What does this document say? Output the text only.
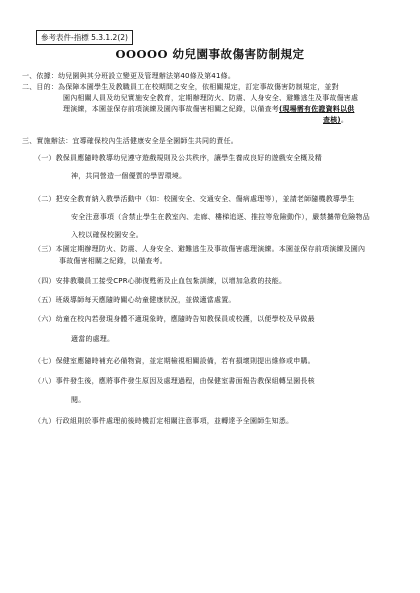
參考表件-指標 5.3.1.2(2)
OOOOO 幼兒園事故傷害防制規定
一、依據：幼兒園與其分班設立變更及管理辦法第40條及第41條。
二、目的：為保障本園學生及教職員工在校期間之安全，依相關規定，訂定事故傷害防制規定，並對
園內相關人員及幼兒實施安全教育，定期辦理防火、防震、人身安全、避難逃生及事故傷害處
理演練，本園並保存前項演練及園內事故傷害相關之紀錄，以備查考(現場需有佐證資料以供
查核)。
三、實施辦法：宜導確保校內生活健康安全是全園師生共同的責任。
（一）教保員應隨時教導幼兒遵守遊戲規則及公共秩序，讓學生養成良好的遊戲安全概及精
神，共同營造一個優質的學習環境。
（二）把安全教育納入教學活動中（如：校園安全、交通安全、傷病處理等），並請老師隨機教導學生
安全注意事項（含禁止學生在教室內、走廊、樓梯追逐、推拉等危險動作），嚴禁攜帶危險物品
入校以確保校園安全。
（三）本園定期辦理防火、防震、人身安全、避難逃生及事故傷害處理演練。本園並保存前項演練及園內
事故傷害相關之紀錄，以備查考。
（四）安排教職員工接受CPR心肺復甦術及止血包紮訓練，以增加急救的技能。
（五）班級導師每天應隨時關心幼童健康狀況，並做適當處置。
（六）幼童在校內若發現身體不適現象時，應隨時告知教保員或校護，以便學校及早做最
適當的處理。
（七）保健室應隨時補充必備物資，並定期檢視相關設備，若有損壞則提出維修或申購。
（八）事件發生後，應將事件發生原因及處理過程，由保健室書面報告教保組轉呈園長核
閱。
（九）行政組則於事件處理前後時機訂定相關注意事項，並轉達予全園師生知悉。
